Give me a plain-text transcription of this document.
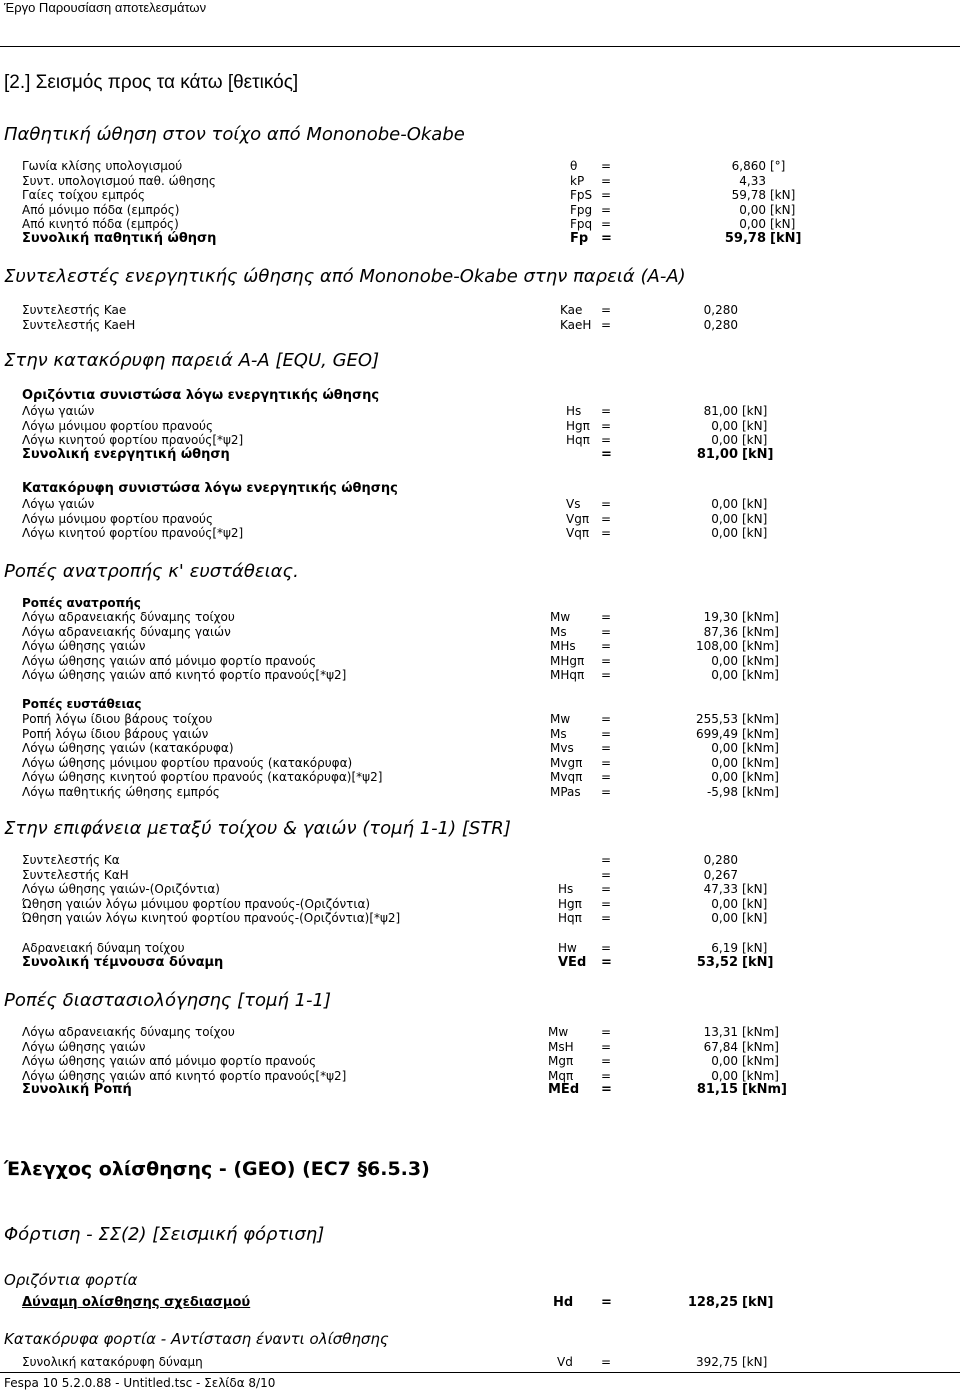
Έργο Παρουσίαση αποτελεσμάτων
[2.] Σεισμός προς τα κάτω [θετικός]
Παθητική ώθηση στον τοίχο από Mononobe-Okabe
Γωνία κλίσης υπολογισμού	θ =	6,860 [°]
Συντ. υπολογισμού παθ. ώθησης	kP =	4,33
Γαίες τοίχου εμπρός	FpS =	59,78 [kN]
Από μόνιμο πόδα (εμπρός)	Fpg =	0,00 [kN]
Από κινητό πόδα (εμπρός)	Fpq =	0,00 [kN]
Συνολική παθητική ώθηση	Fp =	59,78 [kN]
Συντελεστές ενεργητικής ώθησης από Mononobe-Okabe στην παρειά (Α-Α)
Συντελεστής Kae	Kae =	0,280
Συντελεστής KaeH	KaeH =	0,280
Στην κατακόρυφη παρειά Α-Α [EQU, GEO]
Οριζόντια συνιστώσα λόγω ενεργητικής ώθησης
Λόγω γαιών	Hs =	81,00 [kN]
Λόγω μόνιμου φορτίου πρανούς	Hgπ =	0,00 [kN]
Λόγω κινητού φορτίου πρανούς[*ψ2]	Hqπ =	0,00 [kN]
Συνολική ενεργητική ώθηση	=	81,00 [kN]
Κατακόρυφη συνιστώσα λόγω ενεργητικής ώθησης
Λόγω γαιών	Vs =	0,00 [kN]
Λόγω μόνιμου φορτίου πρανούς	Vgπ =	0,00 [kN]
Λόγω κινητού φορτίου πρανούς[*ψ2]	Vqπ =	0,00 [kN]
Ροπές ανατροπής κ' ευστάθειας.
Ροπές ανατροπής
Λόγω αδρανειακής δύναμης τοίχου	Mw	=	19,30 [kNm]
Λόγω αδρανειακής δύναμης γαιών	Ms	=	87,36 [kNm]
Λόγω ώθησης γαιών	MHs =	108,00 [kNm]
Λόγω ώθησης γαιών από μόνιμο φορτίο πρανούς	MHgπ =	0,00 [kNm]
Λόγω ώθησης γαιών από κινητό φορτίο πρανούς[*ψ2]	MHqπ =	0,00 [kNm]
Ροπές ευστάθειας
Ροπή λόγω ίδιου βάρους τοίχου	Mw	=	255,53 [kNm]
Ροπή λόγω ίδιου βάρους γαιών	Ms	=	699,49 [kNm]
Λόγω ώθησης γαιών (κατακόρυφα)	Mvs =	0,00 [kNm]
Λόγω ώθησης μόνιμου φορτίου πρανούς (κατακόρυφα)	Mvgπ =	0,00 [kNm]
Λόγω ώθησης κινητού φορτίου πρανούς (κατακόρυφα)[*ψ2]	Mvqπ =	0,00 [kNm]
Λόγω παθητικής ώθησης εμπρός	MPas =	-5,98 [kNm]
Στην επιφάνεια μεταξύ τοίχου & γαιών (τομή 1-1) [STR]
Συντελεστής Κα	=	0,280
Συντελεστής ΚαΗ	=	0,267
Λόγω ώθησης γαιών-(Οριζόντια)	Hs =	47,33 [kN]
Ώθηση γαιών λόγω μόνιμου φορτίου πρανούς-(Οριζόντια)	Hgπ =	0,00 [kN]
Ώθηση γαιών λόγω κινητού φορτίου πρανούς-(Οριζόντια)[*ψ2]	Hqπ =	0,00 [kN]
Αδρανειακή δύναμη τοίχου	Hw =	6,19 [kN]
Συνολική τέμνουσα δύναμη	VEd =	53,52 [kN]
Ροπές διαστασιολόγησης [τομή 1-1]
Λόγω αδρανειακής δύναμης τοίχου	Mw	=	13,31 [kNm]
Λόγω ώθησης γαιών	MsH =	67,84 [kNm]
Λόγω ώθησης γαιών από μόνιμο φορτίο πρανούς	Mgπ =	0,00 [kNm]
Λόγω ώθησης γαιών από κινητό φορτίο πρανούς[*ψ2]	Mqπ =	0,00 [kNm]
Συνολική Ροπή	MEd =	81,15 [kNm]
Έλεγχος ολίσθησης - (GEO) (EC7 §6.5.3)
Φόρτιση - ΣΣ(2) [Σεισμική φόρτιση]
Οριζόντια φορτία
Δύναμη ολίσθησης σχεδιασμού	Hd =	128,25 [kN]
Κατακόρυφα φορτία - Αντίσταση έναντι ολίσθησης
Συνολική κατακόρυφη δύναμη	Vd =	392,75 [kN]
Fespa 10 5.2.0.88 - Untitled.tsc - Σελίδα 8/10
